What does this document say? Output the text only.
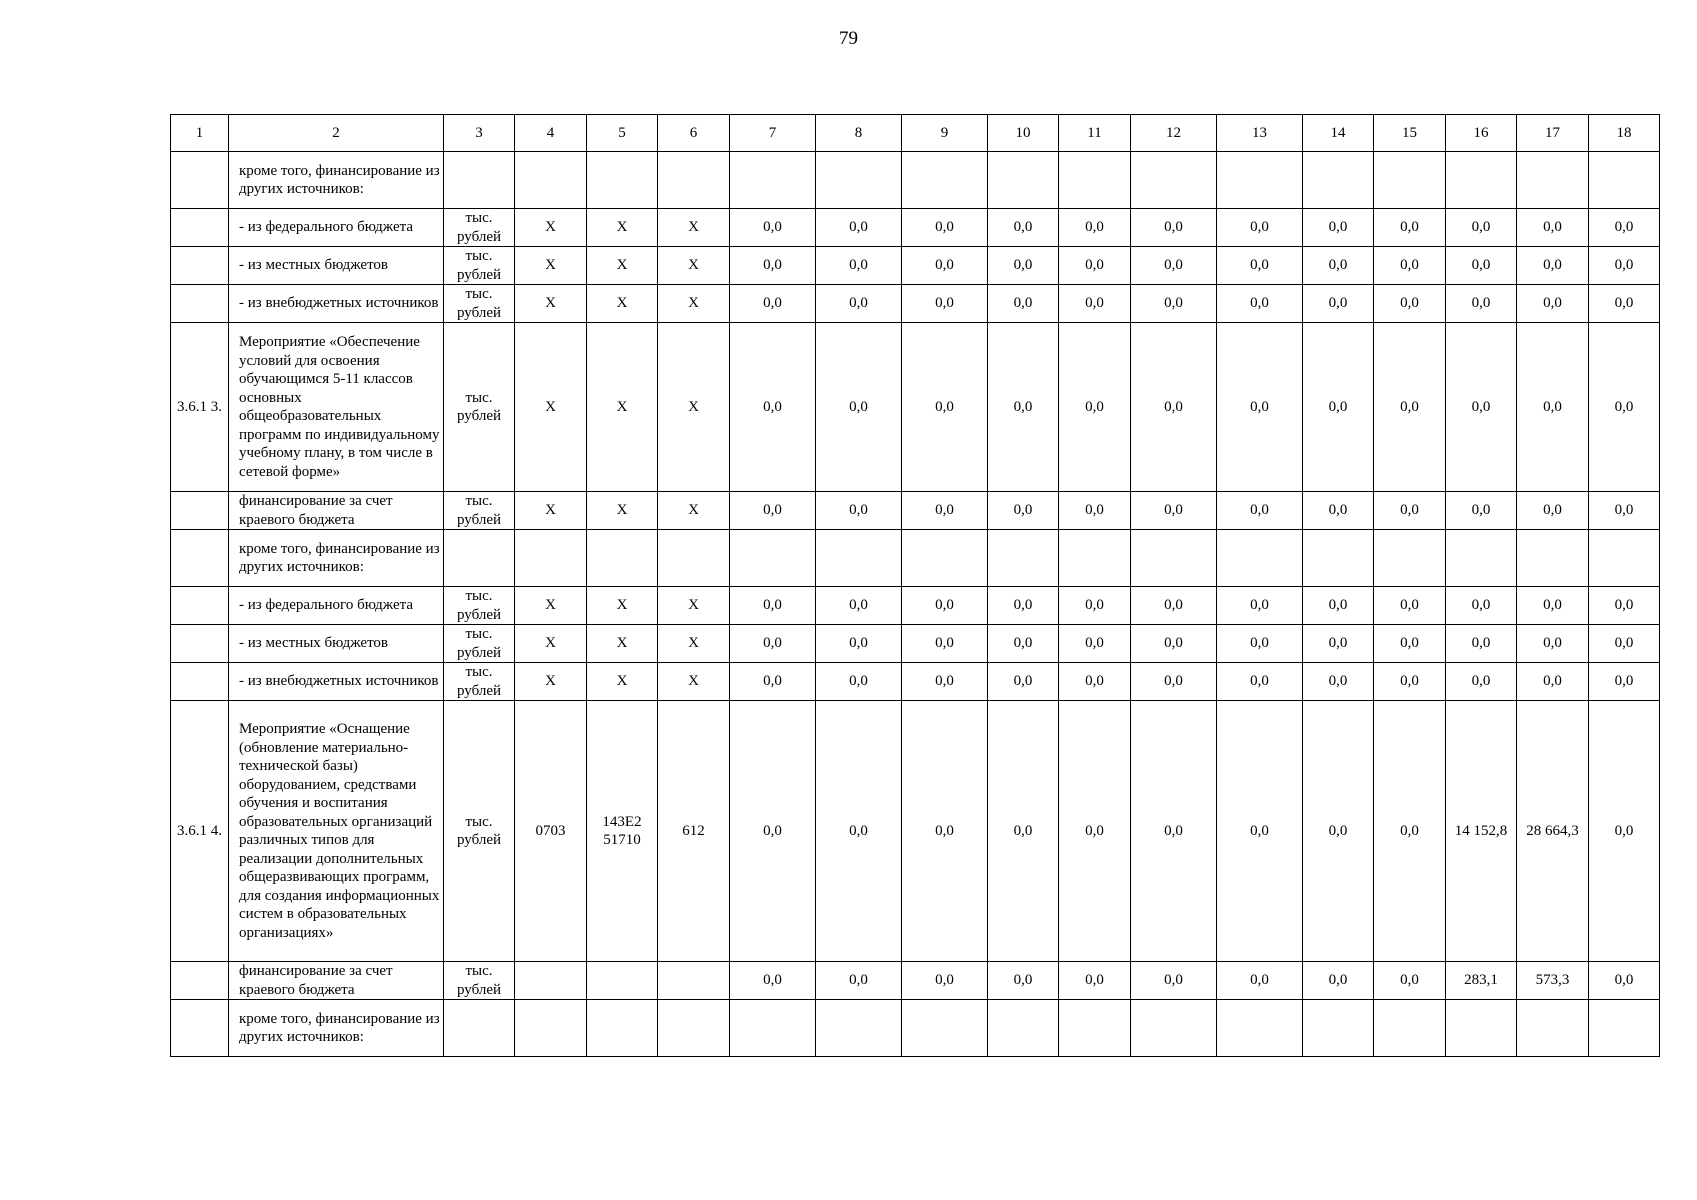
79
1	2	3	4	5	6	7	8	9	10	11	12	13	14	15	16	17	18
	кроме того, финансирование из других источников:																
	- из федерального бюджета	тыс. рублей	Х	Х	Х	0,0	0,0	0,0	0,0	0,0	0,0	0,0	0,0	0,0	0,0	0,0	0,0
	- из местных бюджетов	тыс. рублей	Х	Х	Х	0,0	0,0	0,0	0,0	0,0	0,0	0,0	0,0	0,0	0,0	0,0	0,0
	- из внебюджетных источников	тыс. рублей	Х	Х	Х	0,0	0,0	0,0	0,0	0,0	0,0	0,0	0,0	0,0	0,0	0,0	0,0
3.6.1 3.	Мероприятие «Обеспечение условий для освоения обучающимся 5-11 классов основных общеобразовательных программ по индивидуальному учебному плану, в том числе в сетевой форме»	тыс. рублей	Х	Х	Х	0,0	0,0	0,0	0,0	0,0	0,0	0,0	0,0	0,0	0,0	0,0	0,0
	финансирование за счет краевого бюджета	тыс. рублей	Х	Х	Х	0,0	0,0	0,0	0,0	0,0	0,0	0,0	0,0	0,0	0,0	0,0	0,0
	кроме того, финансирование из других источников:																
	- из федерального бюджета	тыс. рублей	Х	Х	Х	0,0	0,0	0,0	0,0	0,0	0,0	0,0	0,0	0,0	0,0	0,0	0,0
	- из местных бюджетов	тыс. рублей	Х	Х	Х	0,0	0,0	0,0	0,0	0,0	0,0	0,0	0,0	0,0	0,0	0,0	0,0
	- из внебюджетных источников	тыс. рублей	Х	Х	Х	0,0	0,0	0,0	0,0	0,0	0,0	0,0	0,0	0,0	0,0	0,0	0,0
3.6.1 4.	Мероприятие «Оснащение (обновление материально-технической базы) оборудованием, средствами обучения и воспитания образовательных организаций различных типов для реализации дополнительных общеразвивающих программ, для создания информационных систем в образовательных организациях»	тыс. рублей	0703	143Е2 51710	612	0,0	0,0	0,0	0,0	0,0	0,0	0,0	0,0	0,0	14 152,8	28 664,3	0,0
	финансирование за счет краевого бюджета	тыс. рублей				0,0	0,0	0,0	0,0	0,0	0,0	0,0	0,0	0,0	283,1	573,3	0,0
	кроме того, финансирование из других источников:																
